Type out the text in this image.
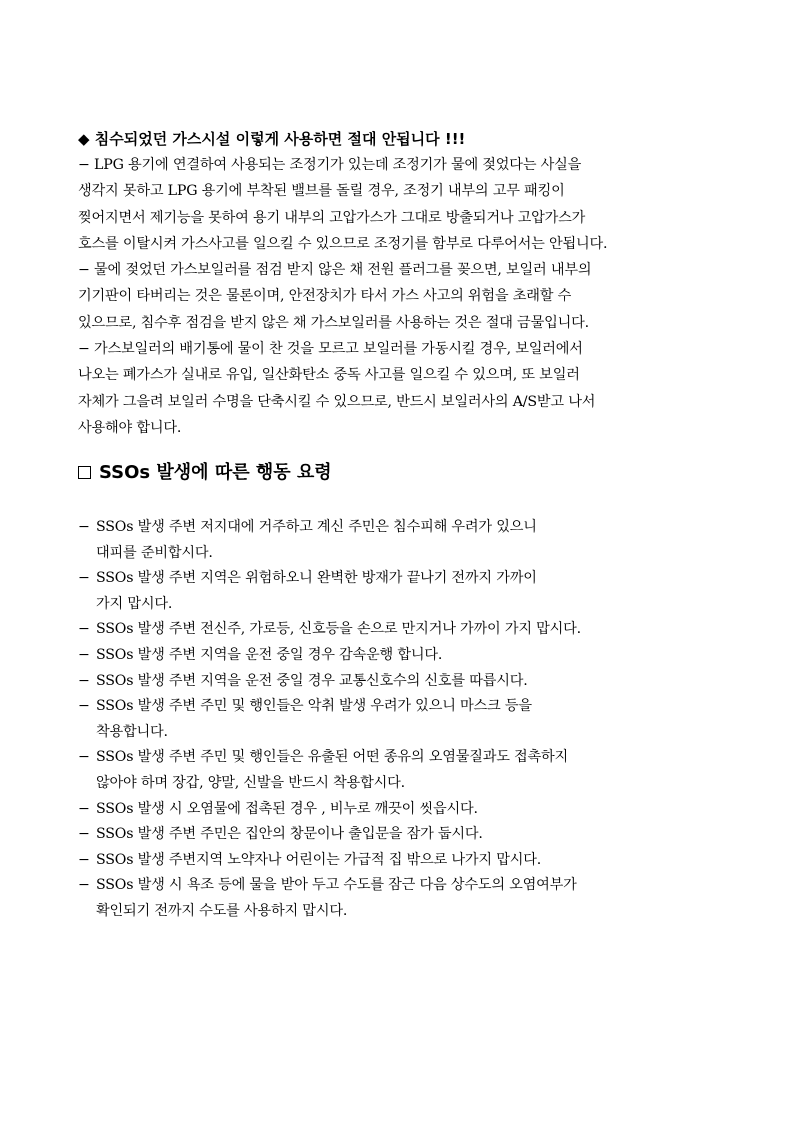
◆ 침수되었던 가스시설 이렇게 사용하면 절대 안됩니다 !!!
− LPG 용기에 연결하여 사용되는 조정기가 있는데 조정기가 물에 젖었다는 사실을
생각지 못하고 LPG 용기에 부착된 밸브를 돌릴 경우, 조정기 내부의 고무 패킹이
찢어지면서 제기능을 못하여 용기 내부의 고압가스가 그대로 방출되거나 고압가스가
호스를 이탈시켜 가스사고를 일으킬 수 있으므로 조정기를 함부로 다루어서는 안됩니다.
− 물에 젖었던 가스보일러를 점검 받지 않은 채 전원 플러그를 꽂으면, 보일러 내부의
기기판이 타버리는 것은 물론이며, 안전장치가 타서 가스 사고의 위험을 초래할 수
있으므로, 침수후 점검을 받지 않은 채 가스보일러를 사용하는 것은 절대 금물입니다.
− 가스보일러의 배기통에 물이 찬 것을 모르고 보일러를 가동시킬 경우, 보일러에서
나오는 폐가스가 실내로 유입, 일산화탄소 중독 사고를 일으킬 수 있으며, 또 보일러
자체가 그을려 보일러 수명을 단축시킬 수 있으므로, 반드시 보일러사의 A/S받고 나서
사용해야 합니다.
SSOs 발생에 따른 행동 요령
− SSOs 발생 주변 저지대에 거주하고 계신 주민은 침수피해 우려가 있으니
대피를 준비합시다.
− SSOs 발생 주변 지역은 위험하오니 완벽한 방재가 끝나기 전까지 가까이
가지 맙시다.
− SSOs 발생 주변 전신주, 가로등, 신호등을 손으로 만지거나 가까이 가지 맙시다.
− SSOs 발생 주변 지역을 운전 중일 경우 감속운행 합니다.
− SSOs 발생 주변 지역을 운전 중일 경우 교통신호수의 신호를 따릅시다.
− SSOs 발생 주변 주민 및 행인들은 악취 발생 우려가 있으니 마스크 등을
착용합니다.
− SSOs 발생 주변 주민 및 행인들은 유출된 어떤 종유의 오염물질과도 접촉하지
않아야 하며 장갑, 양말, 신발을 반드시 착용합시다.
− SSOs 발생 시 오염물에 접촉된 경우 , 비누로 깨끗이 씻읍시다.
− SSOs 발생 주변 주민은 집안의 창문이나 출입문을 잠가 둡시다.
− SSOs 발생 주변지역 노약자나 어린이는 가급적 집 밖으로 나가지 맙시다.
− SSOs 발생 시 욕조 등에 물을 받아 두고 수도를 잠근 다음 상수도의 오염여부가
확인되기 전까지 수도를 사용하지 맙시다.
